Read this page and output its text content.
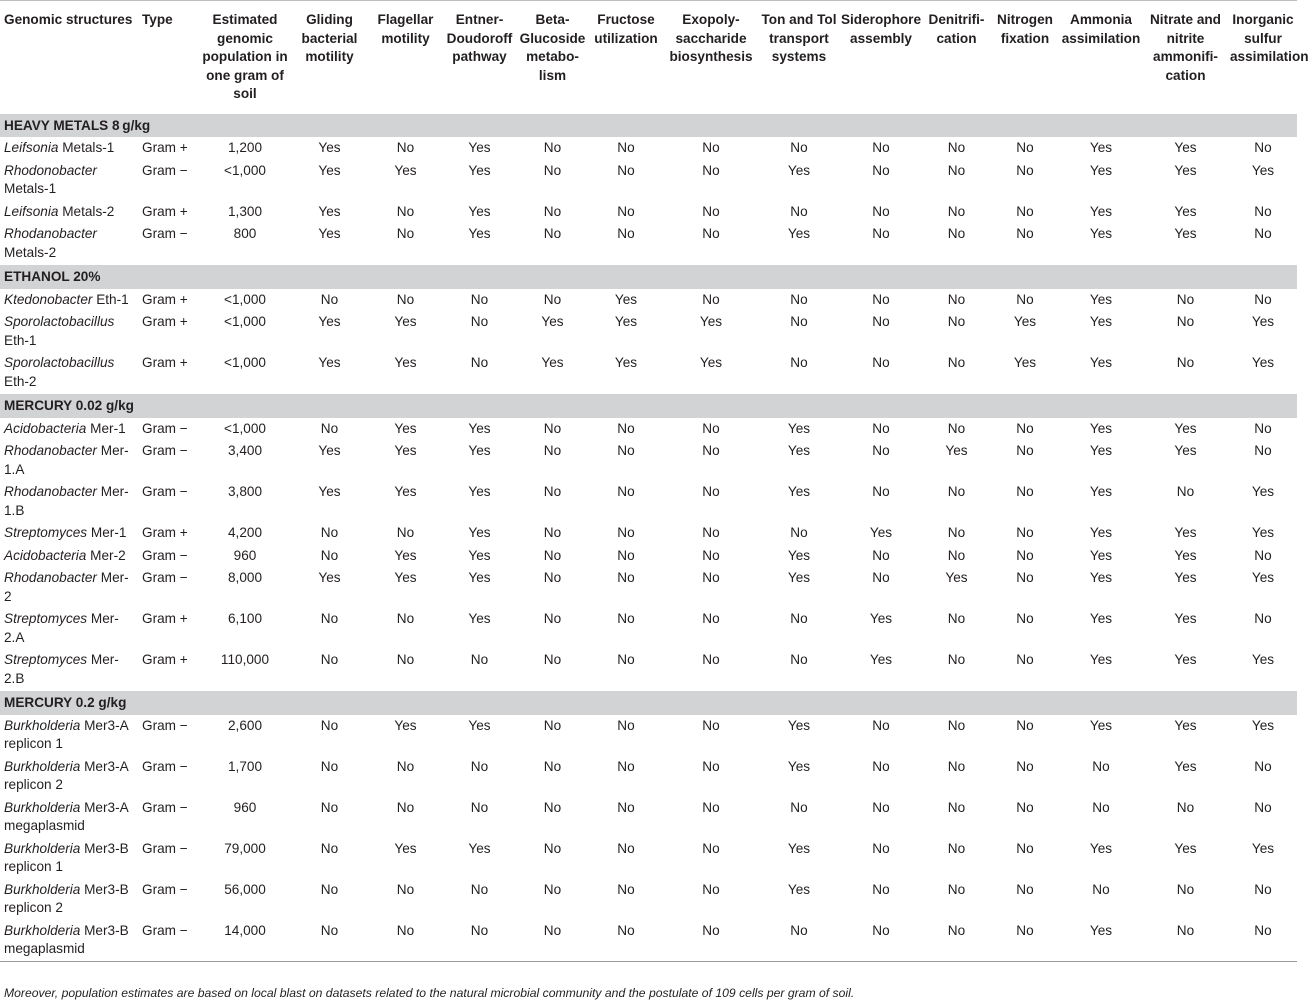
Genomic structures	Type	Estimated genomic population in one gram of soil	Gliding bacterial motility	Flagellar motility	Entner-Doudoroff pathway	Beta-Glucoside metabo-lism	Fructose utilization	Exopoly-saccharide biosynthesis	Ton and Tol transport systems	Siderophore assembly	Denitrifi-cation	Nitrogen fixation	Ammonia assimilation	Nitrate and nitrite ammonifi-cation	Inorganic sulfur assimilation
HEAVY METALS 8 g/kg															
Leifsonia Metals-1	Gram +	1,200	Yes	No	Yes	No	No	No	No	No	No	No	Yes	Yes	No
Rhodonobacter Metals-1	Gram −	<1,000	Yes	Yes	Yes	No	No	No	Yes	No	No	No	Yes	Yes	Yes
Leifsonia Metals-2	Gram +	1,300	Yes	No	Yes	No	No	No	No	No	No	No	Yes	Yes	No
Rhodanobacter Metals-2	Gram −	800	Yes	No	Yes	No	No	No	Yes	No	No	No	Yes	Yes	No
ETHANOL 20%															
Ktedonobacter Eth-1	Gram +	<1,000	No	No	No	No	Yes	No	No	No	No	No	Yes	No	No
Sporolactobacillus Eth-1	Gram +	<1,000	Yes	Yes	No	Yes	Yes	Yes	No	No	No	Yes	Yes	No	Yes
Sporolactobacillus Eth-2	Gram +	<1,000	Yes	Yes	No	Yes	Yes	Yes	No	No	No	Yes	Yes	No	Yes
MERCURY 0.02 g/kg															
Acidobacteria Mer-1	Gram −	<1,000	No	Yes	Yes	No	No	No	Yes	No	No	No	Yes	Yes	No
Rhodanobacter Mer-1.A	Gram −	3,400	Yes	Yes	Yes	No	No	No	Yes	No	Yes	No	Yes	Yes	No
Rhodanobacter Mer-1.B	Gram −	3,800	Yes	Yes	Yes	No	No	No	Yes	No	No	No	Yes	No	Yes
Streptomyces Mer-1	Gram +	4,200	No	No	Yes	No	No	No	No	Yes	No	No	Yes	Yes	Yes
Acidobacteria Mer-2	Gram −	960	No	Yes	Yes	No	No	No	Yes	No	No	No	Yes	Yes	No
Rhodanobacter Mer-2	Gram −	8,000	Yes	Yes	Yes	No	No	No	Yes	No	Yes	No	Yes	Yes	Yes
Streptomyces Mer-2.A	Gram +	6,100	No	No	Yes	No	No	No	No	Yes	No	No	Yes	Yes	No
Streptomyces Mer-2.B	Gram +	110,000	No	No	No	No	No	No	No	Yes	No	No	Yes	Yes	Yes
MERCURY 0.2 g/kg															
Burkholderia Mer3-A replicon 1	Gram −	2,600	No	Yes	Yes	No	No	No	Yes	No	No	No	Yes	Yes	Yes
Burkholderia Mer3-A replicon 2	Gram −	1,700	No	No	No	No	No	No	Yes	No	No	No	No	Yes	No
Burkholderia Mer3-A megaplasmid	Gram −	960	No	No	No	No	No	No	No	No	No	No	No	No	No
Burkholderia Mer3-B replicon 1	Gram −	79,000	No	Yes	Yes	No	No	No	Yes	No	No	No	Yes	Yes	Yes
Burkholderia Mer3-B replicon 2	Gram −	56,000	No	No	No	No	No	No	Yes	No	No	No	No	No	No
Burkholderia Mer3-B megaplasmid	Gram −	14,000	No	No	No	No	No	No	No	No	No	No	Yes	No	No
Moreover, population estimates are based on local blast on datasets related to the natural microbial community and the postulate of 109 cells per gram of soil.
